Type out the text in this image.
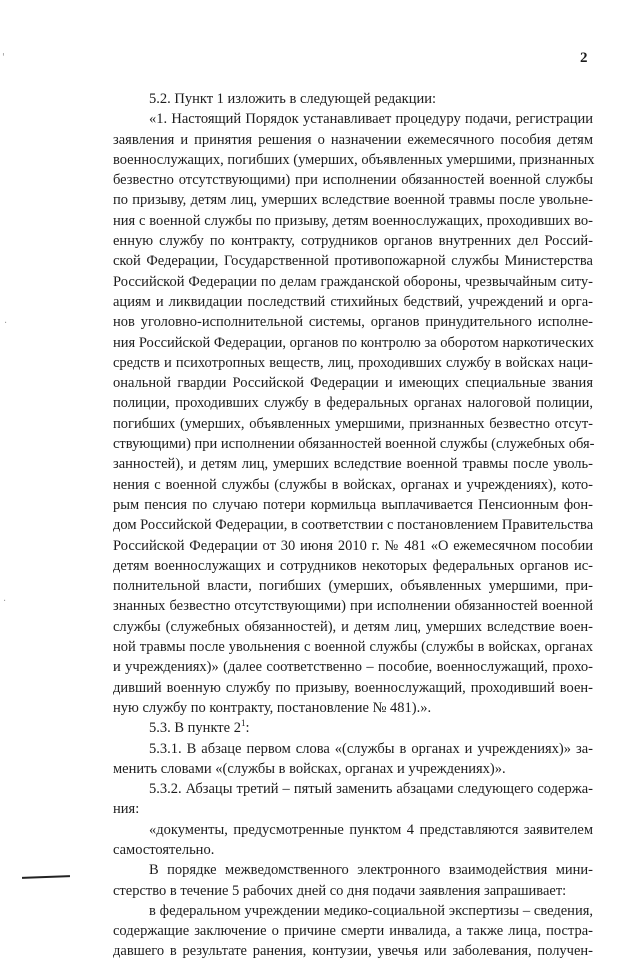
2
5.2. Пункт 1 изложить в следующей редакции:
«1. Настоящий Порядок устанавливает процедуру подачи, регистрации
заявления и принятия решения о назначении ежемесячного пособия детям
военнослужащих, погибших (умерших, объявленных умершими, признанных
безвестно отсутствующими) при исполнении обязанностей военной службы
по призыву, детям лиц, умерших вследствие военной травмы после увольне-
ния с военной службы по призыву, детям военнослужащих, проходивших во-
енную службу по контракту, сотрудников органов внутренних дел Россий-
ской Федерации, Государственной противопожарной службы Министерства
Российской Федерации по делам гражданской обороны, чрезвычайным ситу-
ациям и ликвидации последствий стихийных бедствий, учреждений и орга-
нов уголовно-исполнительной системы, органов принудительного исполне-
ния Российской Федерации, органов по контролю за оборотом наркотических
средств и психотропных веществ, лиц, проходивших службу в войсках наци-
ональной гвардии Российской Федерации и имеющих специальные звания
полиции, проходивших службу в федеральных органах налоговой полиции,
погибших (умерших, объявленных умершими, признанных безвестно отсут-
ствующими) при исполнении обязанностей военной службы (служебных обя-
занностей), и детям лиц, умерших вследствие военной травмы после уволь-
нения с военной службы (службы в войсках, органах и учреждениях), кото-
рым пенсия по случаю потери кормильца выплачивается Пенсионным фон-
дом Российской Федерации, в соответствии с постановлением Правительства
Российской Федерации от 30 июня 2010 г. № 481 «О ежемесячном пособии
детям военнослужащих и сотрудников некоторых федеральных органов ис-
полнительной власти, погибших (умерших, объявленных умершими, при-
знанных безвестно отсутствующими) при исполнении обязанностей военной
службы (служебных обязанностей), и детям лиц, умерших вследствие воен-
ной травмы после увольнения с военной службы (службы в войсках, органах
и учреждениях)» (далее соответственно – пособие, военнослужащий, прохо-
дивший военную службу по призыву, военнослужащий, проходивший воен-
ную службу по контракту, постановление № 481).».
5.3. В пункте $2^1$:
5.3.1. В абзаце первом слова «(службы в органах и учреждениях)» за-
менить словами «(службы в войсках, органах и учреждениях)».
5.3.2. Абзацы третий – пятый заменить абзацами следующего содержа-
ния:
«документы, предусмотренные пунктом 4 представляются заявителем
самостоятельно.
В порядке межведомственного электронного взаимодействия мини-
стерство в течение 5 рабочих дней со дня подачи заявления запрашивает:
в федеральном учреждении медико-социальной экспертизы – сведения,
содержащие заключение о причине смерти инвалида, а также лица, постра-
давшего в результате ранения, контузии, увечья или заболевания, получен-
'
·
·
